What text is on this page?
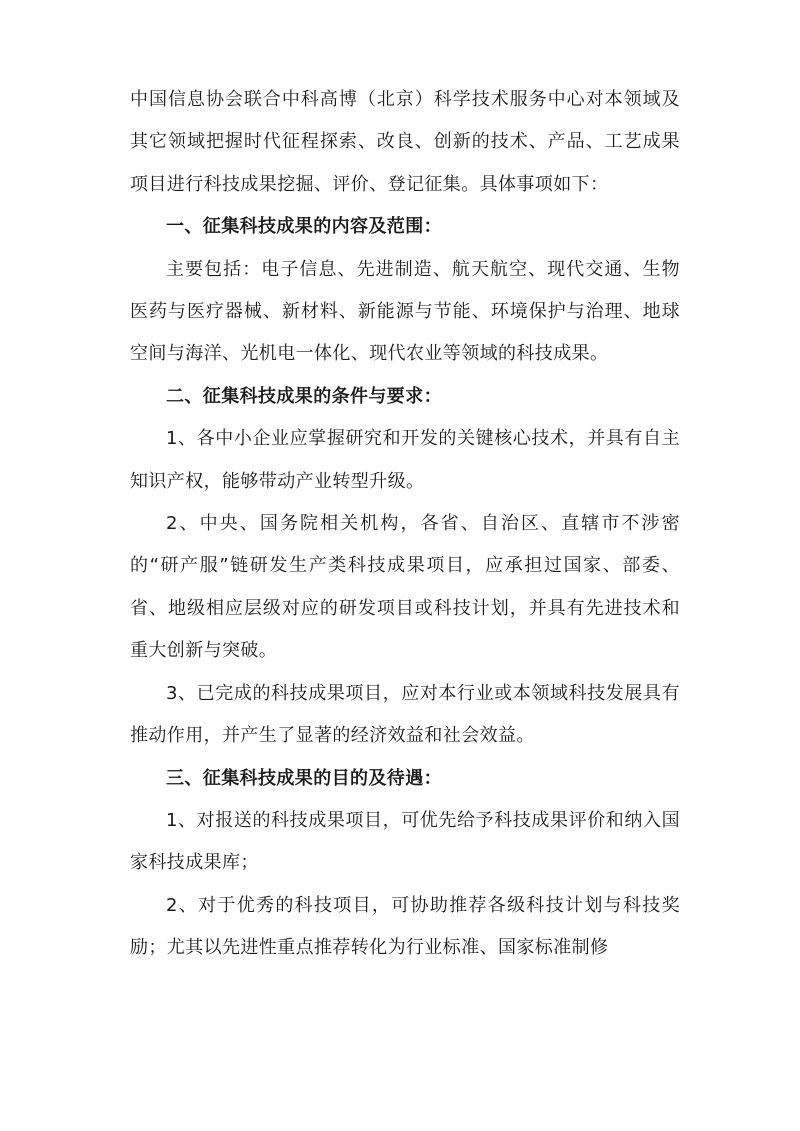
中国信息协会联合中科高博（北京）科学技术服务中心对本领域及其它领域把握时代征程探索、改良、创新的技术、产品、工艺成果项目进行科技成果挖掘、评价、登记征集。具体事项如下：

一、征集科技成果的内容及范围：

主要包括：电子信息、先进制造、航天航空、现代交通、生物医药与医疗器械、新材料、新能源与节能、环境保护与治理、地球空间与海洋、光机电一体化、现代农业等领域的科技成果。

二、征集科技成果的条件与要求：

1、各中小企业应掌握研究和开发的关键核心技术，并具有自主知识产权，能够带动产业转型升级。

2、中央、国务院相关机构，各省、自治区、直辖市不涉密的“研产服”链研发生产类科技成果项目，应承担过国家、部委、省、地级相应层级对应的研发项目或科技计划，并具有先进技术和重大创新与突破。

3、已完成的科技成果项目，应对本行业或本领域科技发展具有推动作用，并产生了显著的经济效益和社会效益。

三、征集科技成果的目的及待遇：

1、对报送的科技成果项目，可优先给予科技成果评价和纳入国家科技成果库；

2、对于优秀的科技项目，可协助推荐各级科技计划与科技奖励；尤其以先进性重点推荐转化为行业标准、国家标准制修
